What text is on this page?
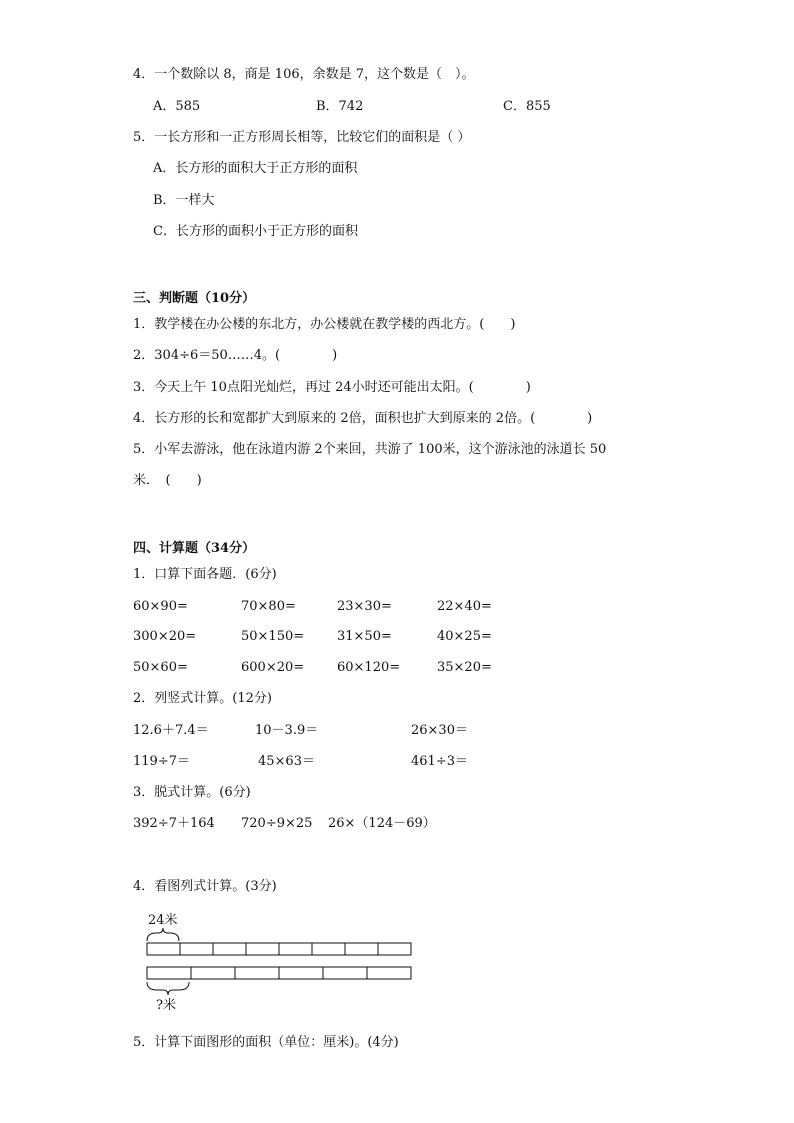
4．一个数除以 8，商是 106，余数是 7，这个数是（　）。
A．585	B．742	C．855
5．一长方形和一正方形周长相等，比较它们的面积是（ ）
A．长方形的面积大于正方形的面积
B．一样大
C．长方形的面积小于正方形的面积
三、判断题（10分）
1．教学楼在办公楼的东北方，办公楼就在教学楼的西北方。(　　)
2．304÷6＝50……4。(　　　　)
3．今天上午 10点阳光灿烂，再过 24小时还可能出太阳。(　　　　)
4．长方形的长和宽都扩大到原来的 2倍，面积也扩大到原来的 2倍。(　　　　)
5．小军去游泳，他在泳道内游 2个来回，共游了 100米，这个游泳池的泳道长 50
米．　(　　)
四、计算题（34分）
1．口算下面各题．(6分)
60×90=	70×80=	23×30=	22×40=
300×20=	50×150=	31×50=	40×25=
50×60=	600×20=	60×120=	35×20=
2．列竖式计算。(12分)
12.6＋7.4＝	10－3.9＝	26×30＝
119÷7＝	45×63＝	461÷3＝
3．脱式计算。(6分)
392÷7＋164 720÷9×25 26×（124－69）
4．看图列式计算。(3分)
24米
?米
5．计算下面图形的面积（单位：厘米)。(4分)
